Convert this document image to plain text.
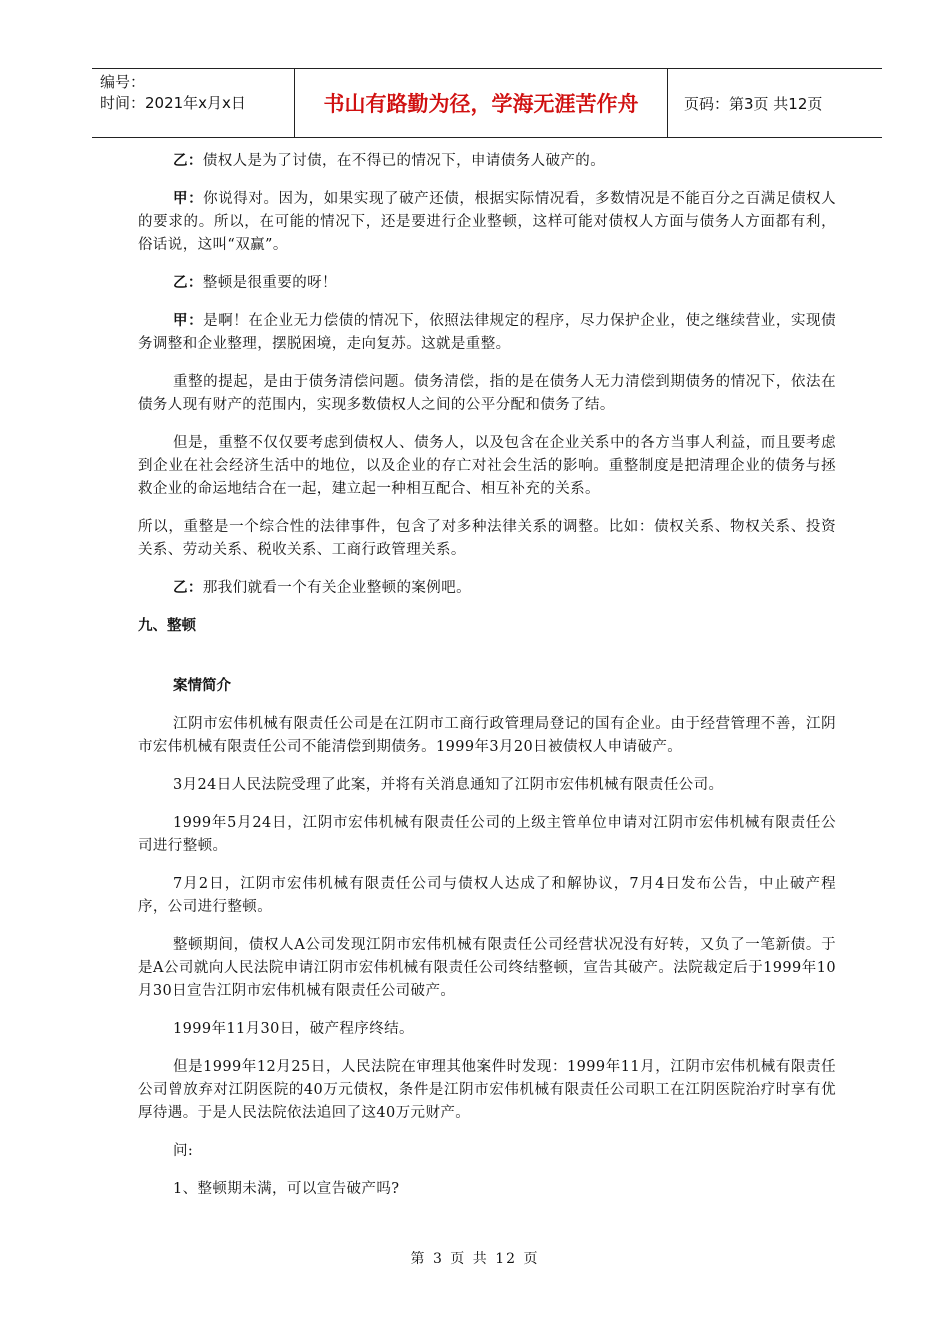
编号：
时间：2021年x月x日	书山有路勤为径，学海无涯苦作舟	页码：第3页 共12页

乙：债权人是为了讨债，在不得已的情况下，申请债务人破产的。

甲：你说得对。因为，如果实现了破产还债，根据实际情况看，多数情况是不能百分之百满足债权人的要求的。所以，在可能的情况下，还是要进行企业整顿，这样可能对债权人方面与债务人方面都有利，俗话说，这叫“双赢”。

乙：整顿是很重要的呀！

甲：是啊！在企业无力偿债的情况下，依照法律规定的程序，尽力保护企业，使之继续营业，实现债务调整和企业整理，摆脱困境，走向复苏。这就是重整。

重整的提起，是由于债务清偿问题。债务清偿，指的是在债务人无力清偿到期债务的情况下，依法在债务人现有财产的范围内，实现多数债权人之间的公平分配和债务了结。

但是，重整不仅仅要考虑到债权人、债务人，以及包含在企业关系中的各方当事人利益，而且要考虑到企业在社会经济生活中的地位，以及企业的存亡对社会生活的影响。重整制度是把清理企业的债务与拯救企业的命运地结合在一起，建立起一种相互配合、相互补充的关系。

所以，重整是一个综合性的法律事件，包含了对多种法律关系的调整。比如：债权关系、物权关系、投资关系、劳动关系、税收关系、工商行政管理关系。

乙：那我们就看一个有关企业整顿的案例吧。

九、整顿
案情简介

江阴市宏伟机械有限责任公司是在江阴市工商行政管理局登记的国有企业。由于经营管理不善，江阴市宏伟机械有限责任公司不能清偿到期债务。1999年3月20日被债权人申请破产。

3月24日人民法院受理了此案，并将有关消息通知了江阴市宏伟机械有限责任公司。

1999年5月24日，江阴市宏伟机械有限责任公司的上级主管单位申请对江阴市宏伟机械有限责任公司进行整顿。

7月2日，江阴市宏伟机械有限责任公司与债权人达成了和解协议，7月4日发布公告，中止破产程序，公司进行整顿。

整顿期间，债权人A公司发现江阴市宏伟机械有限责任公司经营状况没有好转，又负了一笔新债。于是A公司就向人民法院申请江阴市宏伟机械有限责任公司终结整顿，宣告其破产。法院裁定后于1999年10月30日宣告江阴市宏伟机械有限责任公司破产。

1999年11月30日，破产程序终结。

但是1999年12月25日，人民法院在审理其他案件时发现：1999年11月，江阴市宏伟机械有限责任公司曾放弃对江阴医院的40万元债权，条件是江阴市宏伟机械有限责任公司职工在江阴医院治疗时享有优厚待遇。于是人民法院依法追回了这40万元财产。

问:

1、整顿期未满，可以宣告破产吗?

第 3 页 共 12 页
